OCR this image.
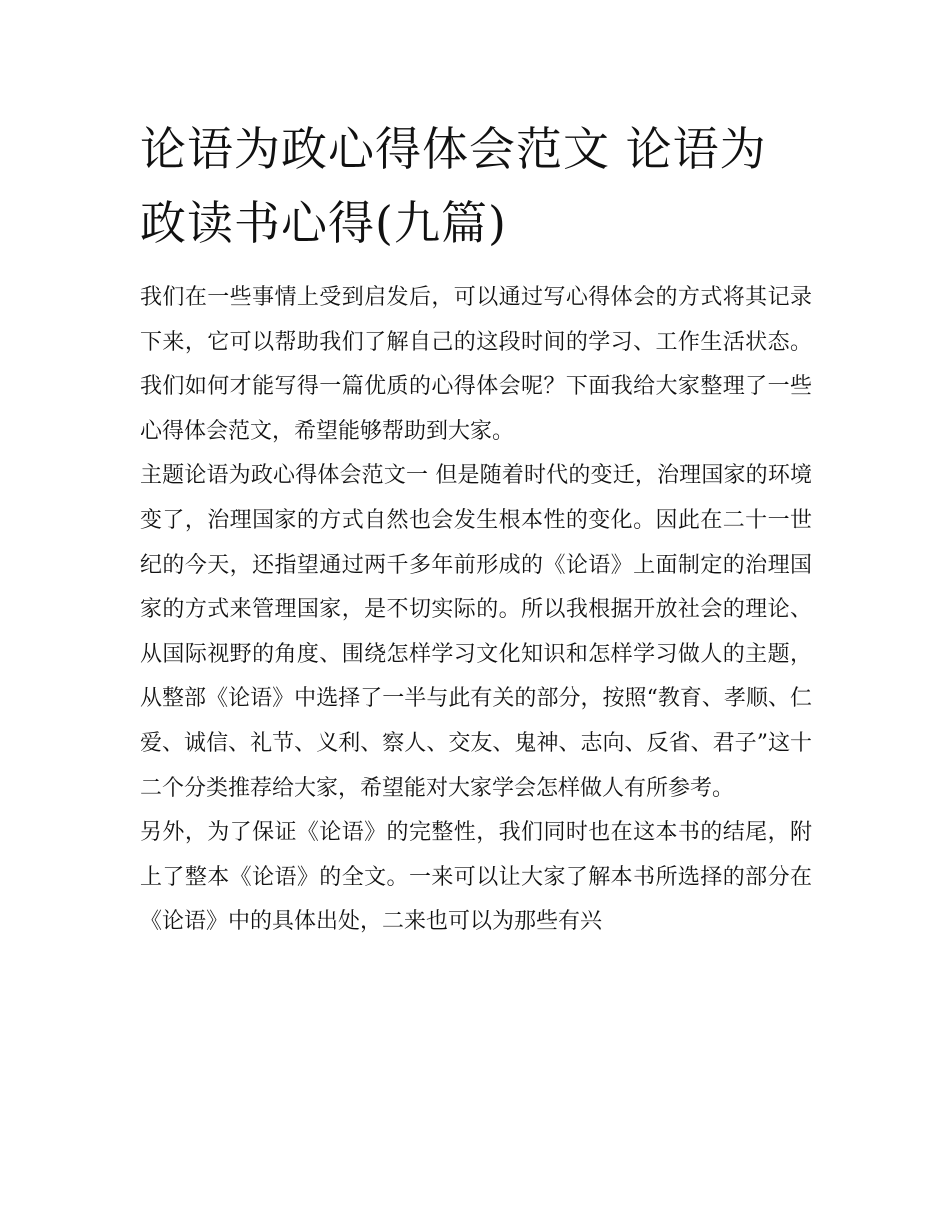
论语为政心得体会范文 论语为政读书心得(九篇)

我们在一些事情上受到启发后，可以通过写心得体会的方式将其记录下来，它可以帮助我们了解自己的这段时间的学习、工作生活状态。我们如何才能写得一篇优质的心得体会呢？下面我给大家整理了一些心得体会范文，希望能够帮助到大家。

主题论语为政心得体会范文一 但是随着时代的变迁，治理国家的环境变了，治理国家的方式自然也会发生根本性的变化。因此在二十一世纪的今天，还指望通过两千多年前形成的《论语》上面制定的治理国家的方式来管理国家，是不切实际的。所以我根据开放社会的理论、从国际视野的角度、围绕怎样学习文化知识和怎样学习做人的主题，从整部《论语》中选择了一半与此有关的部分，按照“教育、孝顺、仁爱、诚信、礼节、义利、察人、交友、鬼神、志向、反省、君子”这十二个分类推荐给大家，希望能对大家学会怎样做人有所参考。

另外，为了保证《论语》的完整性，我们同时也在这本书的结尾，附上了整本《论语》的全文。一来可以让大家了解本书所选择的部分在《论语》中的具体出处，二来也可以为那些有兴
